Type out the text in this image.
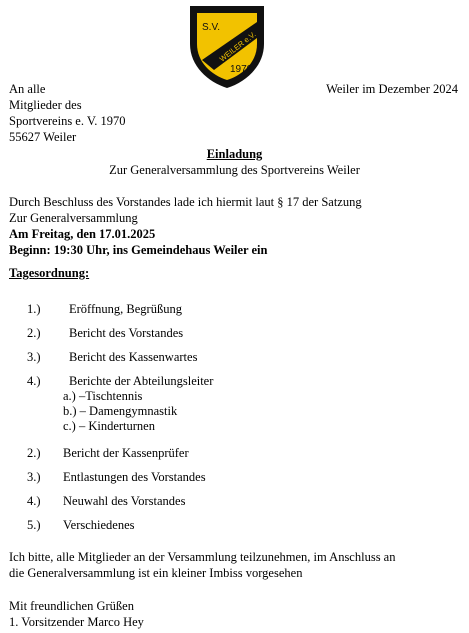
S.V.
WEILER e.V.
1970
An alle
Mitglieder des
Sportvereins e. V. 1970
55627 Weiler
Weiler im Dezember 2024
Einladung
Zur Generalversammlung des Sportvereins Weiler
Durch Beschluss des Vorstandes lade ich hiermit laut § 17 der Satzung
Zur Generalversammlung
Am Freitag, den 17.01.2025
Beginn: 19:30 Uhr, ins Gemeindehaus Weiler ein
Tagesordnung:
1.) Eröffnung, Begrüßung
2.) Bericht des Vorstandes
3.) Bericht des Kassenwartes
4.) Berichte der Abteilungsleiter
a.) –Tischtennis
b.) – Damengymnastik
c.) – Kinderturnen
2.) Bericht der Kassenprüfer
3.) Entlastungen des Vorstandes
4.) Neuwahl des Vorstandes
5.) Verschiedenes
Ich bitte, alle Mitglieder an der Versammlung teilzunehmen, im Anschluss an
die Generalversammlung ist ein kleiner Imbiss vorgesehen
Mit freundlichen Grüßen
1. Vorsitzender Marco Hey
